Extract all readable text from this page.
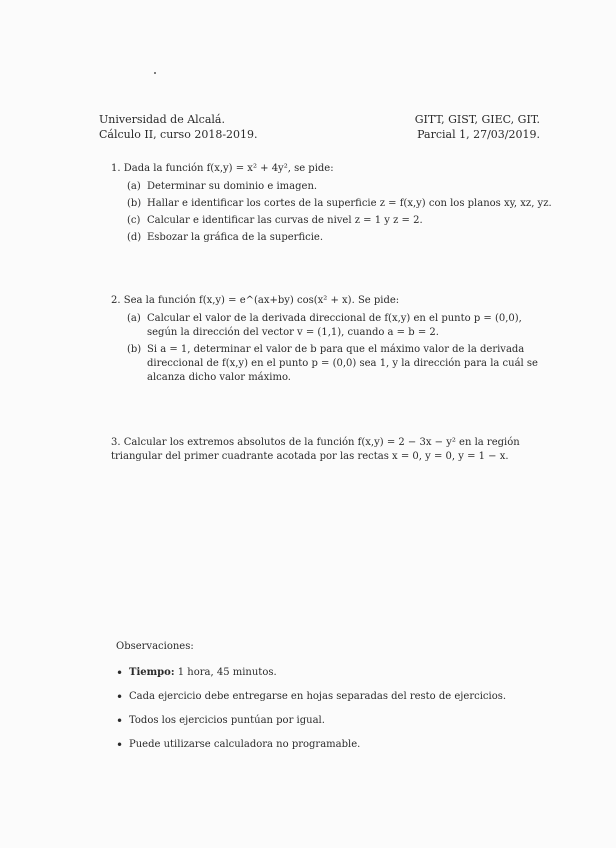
Universidad de Alcalá.
Cálculo II, curso 2018-2019.
GITT, GIST, GIEC, GIT.
Parcial 1, 27/03/2019.
1. Dada la función f(x,y) = x² + 4y², se pide:
(a) Determinar su dominio e imagen.
(b) Hallar e identificar los cortes de la superficie z = f(x,y) con los planos xy, xz, yz.
(c) Calcular e identificar las curvas de nivel z = 1 y z = 2.
(d) Esbozar la gráfica de la superficie.
2. Sea la función f(x,y) = e^(ax+by) cos(x² + x). Se pide:
(a) Calcular el valor de la derivada direccional de f(x,y) en el punto p = (0,0), según la dirección del vector v = (1,1), cuando a = b = 2.
(b) Si a = 1, determinar el valor de b para que el máximo valor de la derivada direccional de f(x,y) en el punto p = (0,0) sea 1, y la dirección para la cuál se alcanza dicho valor máximo.
3. Calcular los extremos absolutos de la función f(x,y) = 2 − 3x − y² en la región triangular del primer cuadrante acotada por las rectas x = 0, y = 0, y = 1 − x.
Observaciones:
• Tiempo: 1 hora, 45 minutos.
• Cada ejercicio debe entregarse en hojas separadas del resto de ejercicios.
• Todos los ejercicios puntúan por igual.
• Puede utilizarse calculadora no programable.
